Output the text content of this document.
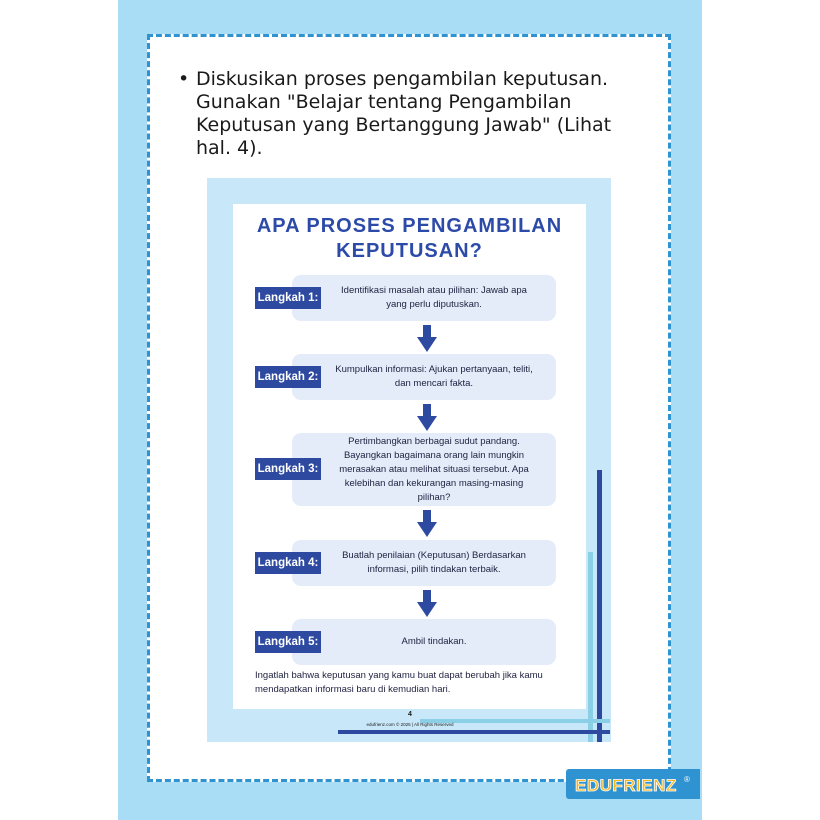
• Diskusikan proses pengambilan keputusan. Gunakan "Belajar tentang Pengambilan Keputusan yang Bertanggung Jawab" (Lihat hal. 4).
APA PROSES PENGAMBILAN
KEPUTUSAN?
Identifikasi masalah atau pilihan: Jawab apa yang perlu diputuskan.
Langkah 1:
Kumpulkan informasi: Ajukan pertanyaan, teliti, dan mencari fakta.
Langkah 2:
Pertimbangkan berbagai sudut pandang. Bayangkan bagaimana orang lain mungkin merasakan atau melihat situasi tersebut. Apa kelebihan dan kekurangan masing-masing pilihan?
Langkah 3:
Buatlah penilaian (Keputusan) Berdasarkan informasi, pilih tindakan terbaik.
Langkah 4:
Ambil tindakan.
Langkah 5:
Ingatlah bahwa keputusan yang kamu buat dapat berubah jika kamu mendapatkan informasi baru di kemudian hari.
4
edufrienz.com © 2025 | All Rights Reserved
EDUFRIENZ ®
